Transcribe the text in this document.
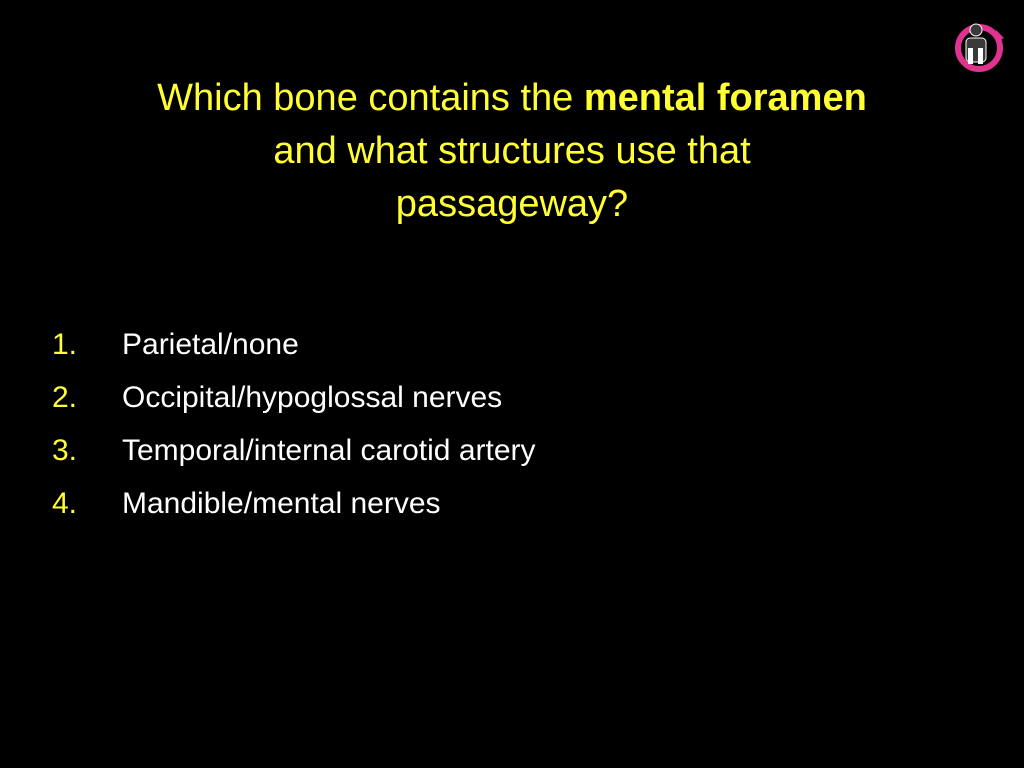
Which bone contains the mental foramen
and what structures use that
passageway?
1. Parietal/none
2. Occipital/hypoglossal nerves
3. Temporal/internal carotid artery
4. Mandible/mental nerves
